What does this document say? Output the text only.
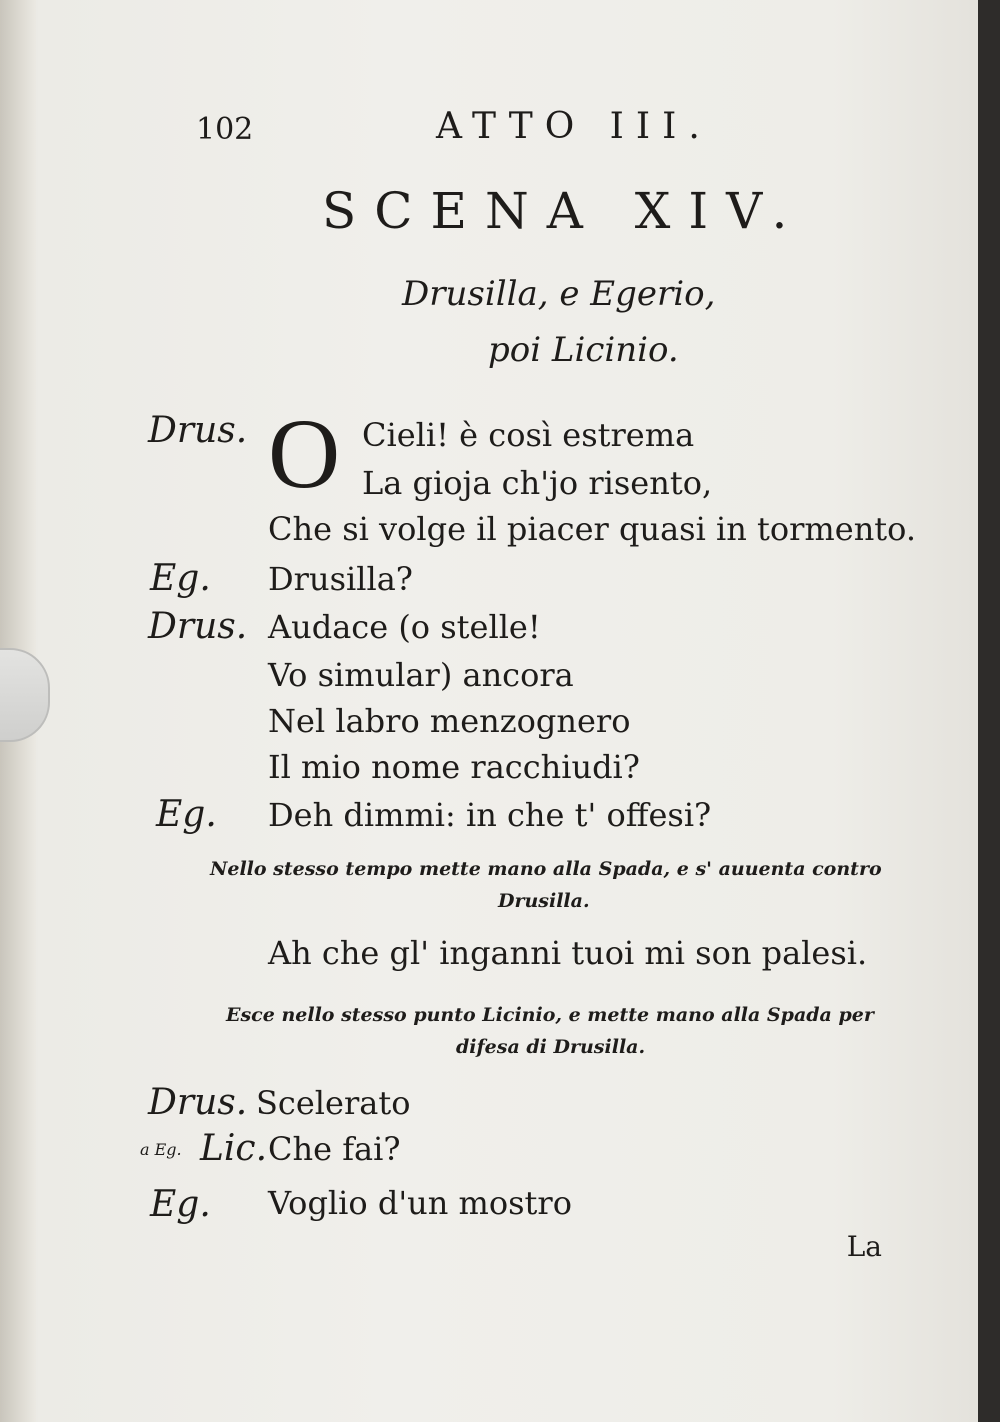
102	ATTO III.
SCENA XIV.
Drusilla, e Egerio,
poi Licinio.
Drus. O Cieli! è così estrema
La gioja ch'jo risento,
Che si volge il piacer quasi in tormento.
Eg. Drusilla?
Drus. Audace (o stelle!
Vo simular) ancora
Nel labro menzognero
Il mio nome racchiudi?
Eg. Deh dimmi: in che t' offesi?
Nello stesso tempo mette mano alla Spada, e s' auuenta contro
Drusilla.
Ah che gl' inganni tuoi mi son palesi.
Esce nello stesso punto Licinio, e mette mano alla Spada per
difesa di Drusilla.
Drus. Scelerato
a Eg. Lic. Che fai?
Eg. Voglio d'un mostro
La
